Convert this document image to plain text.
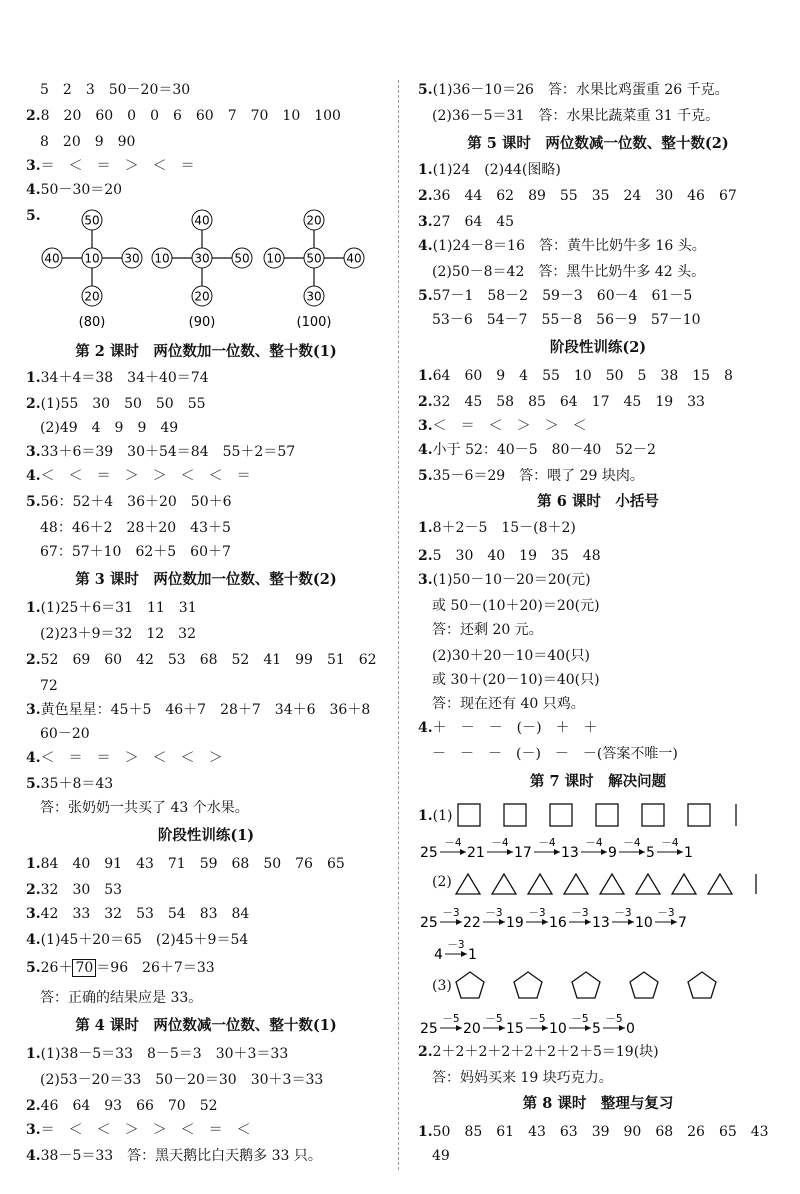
5　2　3　50－20＝30
2.8　20　60　0　0　6　60　7　70　10　100
8　20　9　90
3.＝　＜　＝　＞　＜　＝
4.50－30＝20
5.	50
40 10 30
20
(80)
40
10 30 50
20
(90)
20
10 50 40
30
(100)
第 2 课时　两位数加一位数、整十数(1)
1.34＋4＝38　34＋40＝74
2.(1)55　30　50　50　55
(2)49　4　9　9　49
3.33＋6＝39　30＋54＝84　55＋2＝57
4.＜　＜　＝　＞　＞　＜　＜　＝
5.56：52＋4　36＋20　50＋6
48：46＋2　28＋20　43＋5
67：57＋10　62＋5　60＋7
第 3 课时　两位数加一位数、整十数(2)
1.(1)25＋6＝31　11　31
(2)23＋9＝32　12　32
2.52　69　60　42　53　68　52　41　99　51　62
72
3.黄色星星：45＋5　46＋7　28＋7　34＋6　36＋8
60－20
4.＜　＝　＝　＞　＜　＜　＞
5.35＋8＝43
答：张奶奶一共买了 43 个水果。
阶段性训练(1)
1.84　40　91　43　71　59　68　50　76　65
2.32　30　53
3.42　33　32　53　54　83　84
4.(1)45＋20＝65　(2)45＋9＝54
5.26＋ 70 ＝96　26＋7＝33
答：正确的结果应是 33。
第 4 课时　两位数减一位数、整十数(1)
1.(1)38－5＝33　8－5＝3　30＋3＝33
(2)53－20＝33　50－20＝30　30＋3＝33
2.46　64　93　66　70　52
3.＝　＜　＜　＞　＞　＜　＝　＜
4.38－5＝33　答：黑天鹅比白天鹅多 33 只。
5.(1)36－10＝26　答：水果比鸡蛋重 26 千克。
(2)36－5＝31　答：水果比蔬菜重 31 千克。
第 5 课时　两位数减一位数、整十数(2)
1.(1)24　(2)44(图略)
2.36　44　62　89　55　35　24　30　46　67
3.27　64　45
4.(1)24－8＝16　答：黄牛比奶牛多 16 头。
(2)50－8＝42　答：黑牛比奶牛多 42 头。
5.57－1　58－2　59－3　60－4　61－5
53－6　54－7　55－8　56－9　57－10
阶段性训练(2)
1.64　60　9　4　55　10　50　5　38　15　8
2.32　45　58　85　64　17　45　19　33
3.＜　＝　＜　＞　＞　＜
4.小于 52：40－5　80－40　52－2
5.35－6＝29　答：喂了 29 块肉。
第 6 课时　小括号
1.8＋2－5　15－(8＋2)
2.5　30　40　19　35　48
3.(1)50－10－20＝20(元)
或 50－(10＋20)＝20(元)
答：还剩 20 元。
(2)30＋20－10＝40(只)
或 30＋(20－10)＝40(只)
答：现在还有 40 只鸡。
4.＋　－　－　(－)　＋　＋
－　－　－　(－)　－　－(答案不唯一)
第 7 课时　解决问题
1.(1)
25
－4
21
－4
17
－4
13
－4
9
－4
5
－4
1
(2)
25
－3
22
－3
19
－3
16
－3
13
－3
10
－3
7
4
－3
1
(3)
25
－5
20
－5
15
－5
10
－5
5
－5
0
2.2＋2＋2＋2＋2＋2＋2＋5＝19(块)
答：妈妈买来 19 块巧克力。
第 8 课时　整理与复习
1.50　85　61　43　63　39　90　68　26　65　43
49
